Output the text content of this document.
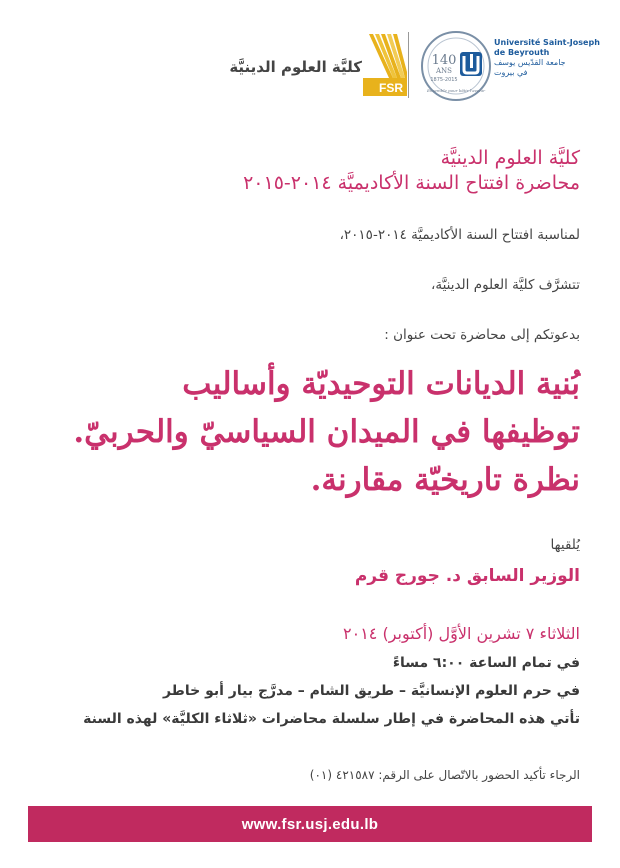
كليَّة العلوم الدينيَّة
FSR
140
ANS
1875-2015
Ensemble pour bâtir l'avenir
Université Saint-Joseph
de Beyrouth
جامعة القدّيس يوسف
في بيروت
كليَّة العلوم الدينيَّة
محاضرة افتتاح السنة الأكاديميَّة ٢٠١٤-٢٠١٥
لمناسبة افتتاح السنة الأكاديميَّة ٢٠١٤-٢٠١٥،
تتشرَّف كليَّة العلوم الدينيَّة،
بدعوتكم إلى محاضرة تحت عنوان :
بُنية الديانات التوحيديّة وأساليب
توظيفها في الميدان السياسيّ والحربيّ.
نظرة تاريخيّة مقارنة.
يُلقيها
الوزير السابق د. جورج قرم
الثلاثاء ٧ تشرين الأوَّل (أكتوبر) ٢٠١٤
في تمام الساعة ٦:٠٠ مساءً
في حرم العلوم الإنسانيَّة – طريق الشام – مدرَّج بيار أبو خاطر
تأتي هذه المحاضرة في إطار سلسلة محاضرات «ثلاثاء الكليَّة» لهذه السنة
الرجاء تأكيد الحضور بالاتّصال على الرقم: ٤٢١٥٨٧ (٠١)
www.fsr.usj.edu.lb
